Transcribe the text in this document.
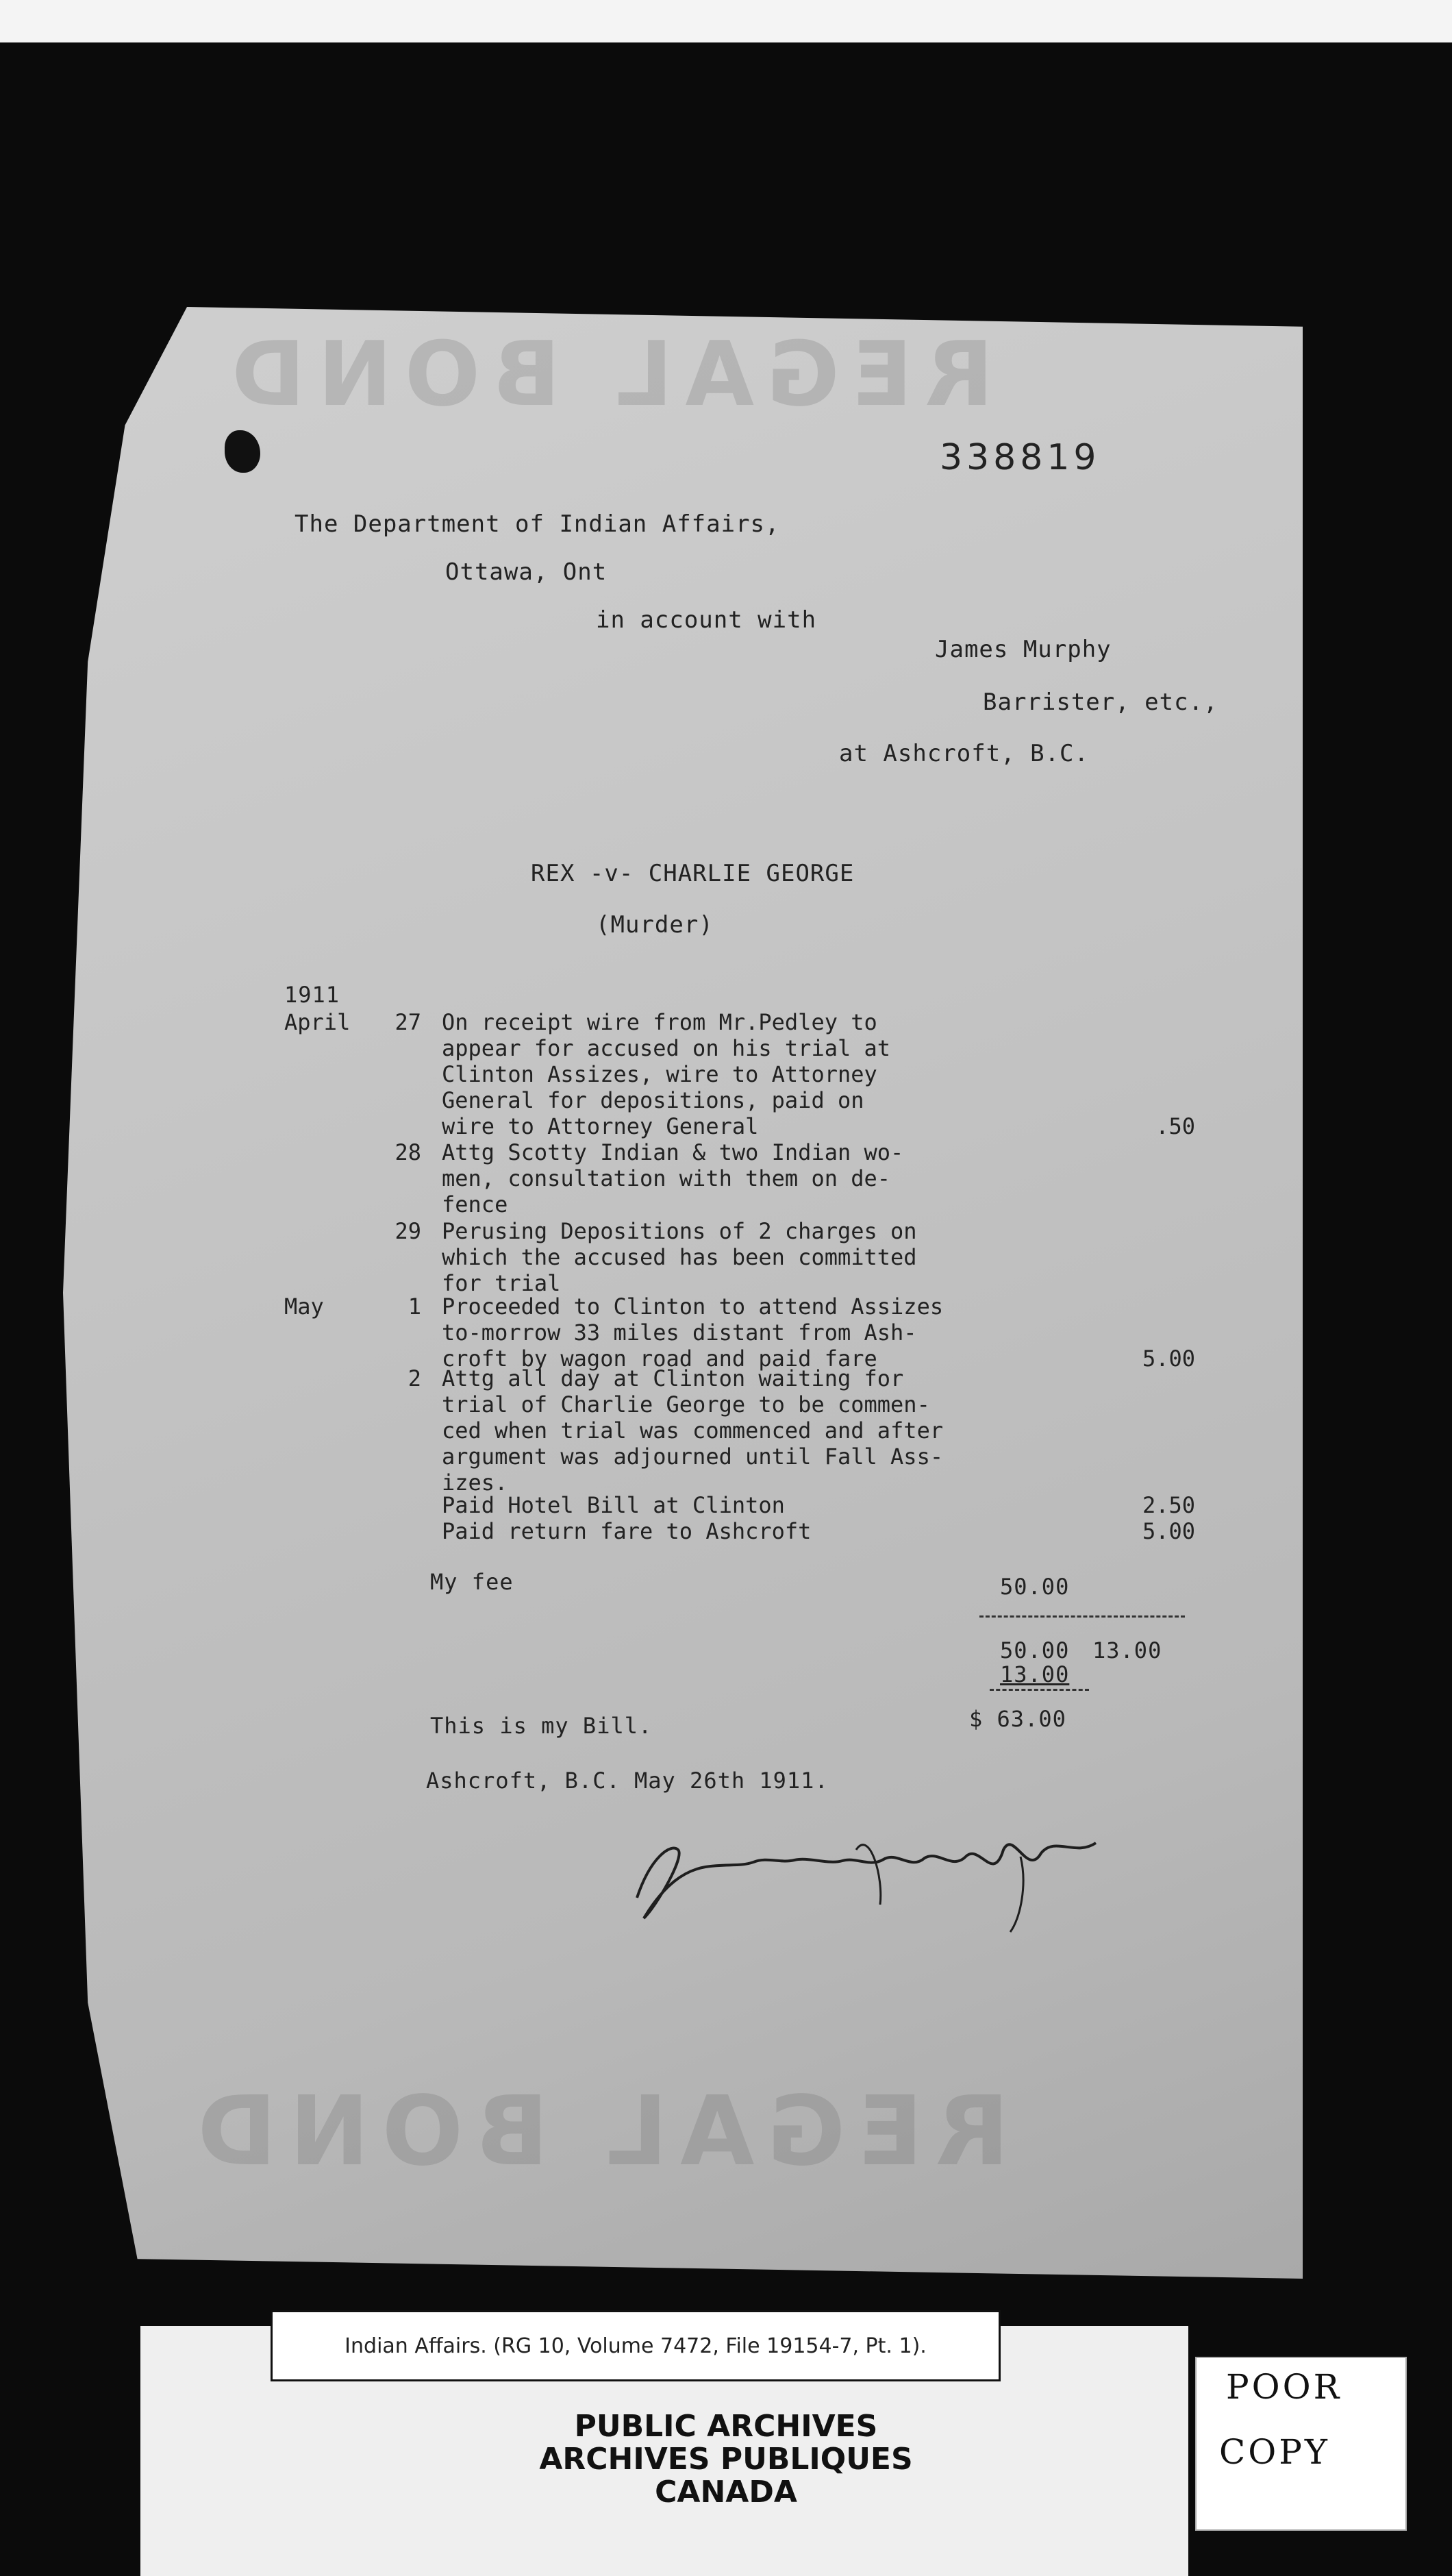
REGAL BOND
REGAL BOND
338819
The Department of Indian Affairs,
Ottawa, Ont
in account with
James Murphy
Barrister, etc.,
at Ashcroft, B.C.
REX -v- CHARLIE GEORGE
(Murder)
1911
April	27 On receipt wire from Mr.Pedley to
appear for accused on his trial at
Clinton Assizes, wire to Attorney
General for depositions, paid on
wire to Attorney General	.50
28 Attg Scotty Indian & two Indian wo-
men, consultation with them on de-
fence
29 Perusing Depositions of 2 charges on
which the accused has been committed
for trial
May	1 Proceeded to Clinton to attend Assizes
to-morrow 33 miles distant from Ash-
croft by wagon road and paid fare	5.00
2 Attg all day at Clinton waiting for
trial of Charlie George to be commen-
ced when trial was commenced and after
argument was adjourned until Fall Ass-
izes.
Paid Hotel Bill at Clinton	2.50
Paid return fare to Ashcroft	5.00
My fee	50.00
50.00 13.00
13.00
This is my Bill.	$ 63.00
Ashcroft, B.C. May 26th 1911.
Indian Affairs. (RG 10, Volume 7472, File 19154-7, Pt. 1).
PUBLIC ARCHIVES
ARCHIVES PUBLIQUES
CANADA
POOR
COPY
